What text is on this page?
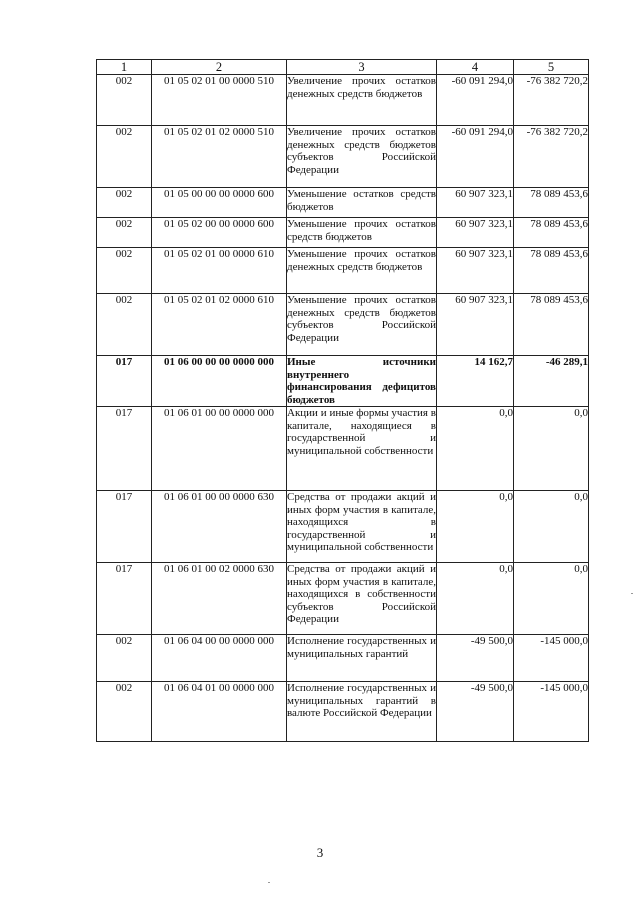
1	2	3	4	5
002	01 05 02 01 00 0000 510	Увеличение прочих остатков денежных средств бюджетов	-60 091 294,0	-76 382 720,2
002	01 05 02 01 02 0000 510	Увеличение прочих остатков денежных средств бюджетов субъектов Российской Федерации	-60 091 294,0	-76 382 720,2
002	01 05 00 00 00 0000 600	Уменьшение остатков средств бюджетов	60 907 323,1	78 089 453,6
002	01 05 02 00 00 0000 600	Уменьшение прочих остатков средств бюджетов	60 907 323,1	78 089 453,6
002	01 05 02 01 00 0000 610	Уменьшение прочих остатков денежных средств бюджетов	60 907 323,1	78 089 453,6
002	01 05 02 01 02 0000 610	Уменьшение прочих остатков денежных средств бюджетов субъектов Российской Федерации	60 907 323,1	78 089 453,6
017	01 06 00 00 00 0000 000	Иные источники внутреннего финансирования дефицитов бюджетов	14 162,7	-46 289,1
017	01 06 01 00 00 0000 000	Акции и иные формы участия в капитале, находящиеся в государственной и муниципальной собственности	0,0	0,0
017	01 06 01 00 00 0000 630	Средства от продажи акций и иных форм участия в капитале, находящихся в государственной и муниципальной собственности	0,0	0,0
017	01 06 01 00 02 0000 630	Средства от продажи акций и иных форм участия в капитале, находящихся в собственности субъектов Российской Федерации	0,0	0,0
002	01 06 04 00 00 0000 000	Исполнение государственных и муниципальных гарантий	-49 500,0	-145 000,0
002	01 06 04 01 00 0000 000	Исполнение государственных и муниципальных гарантий в валюте Российской Федерации	-49 500,0	-145 000,0
3
